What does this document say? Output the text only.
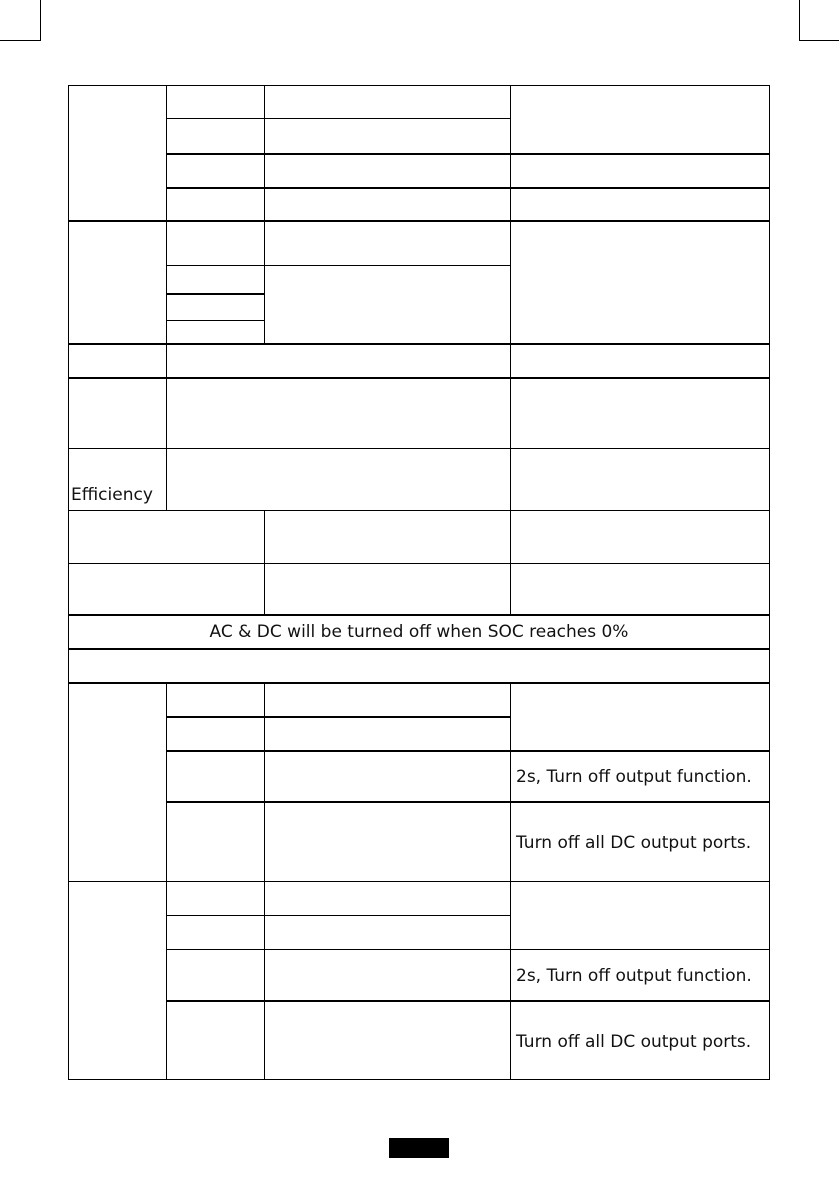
Efficiency
AC & DC will be turned off when SOC reaches 0%
2s, Turn off output function.
Turn off all DC output ports.
2s, Turn off output function.
Turn off all DC output ports.
